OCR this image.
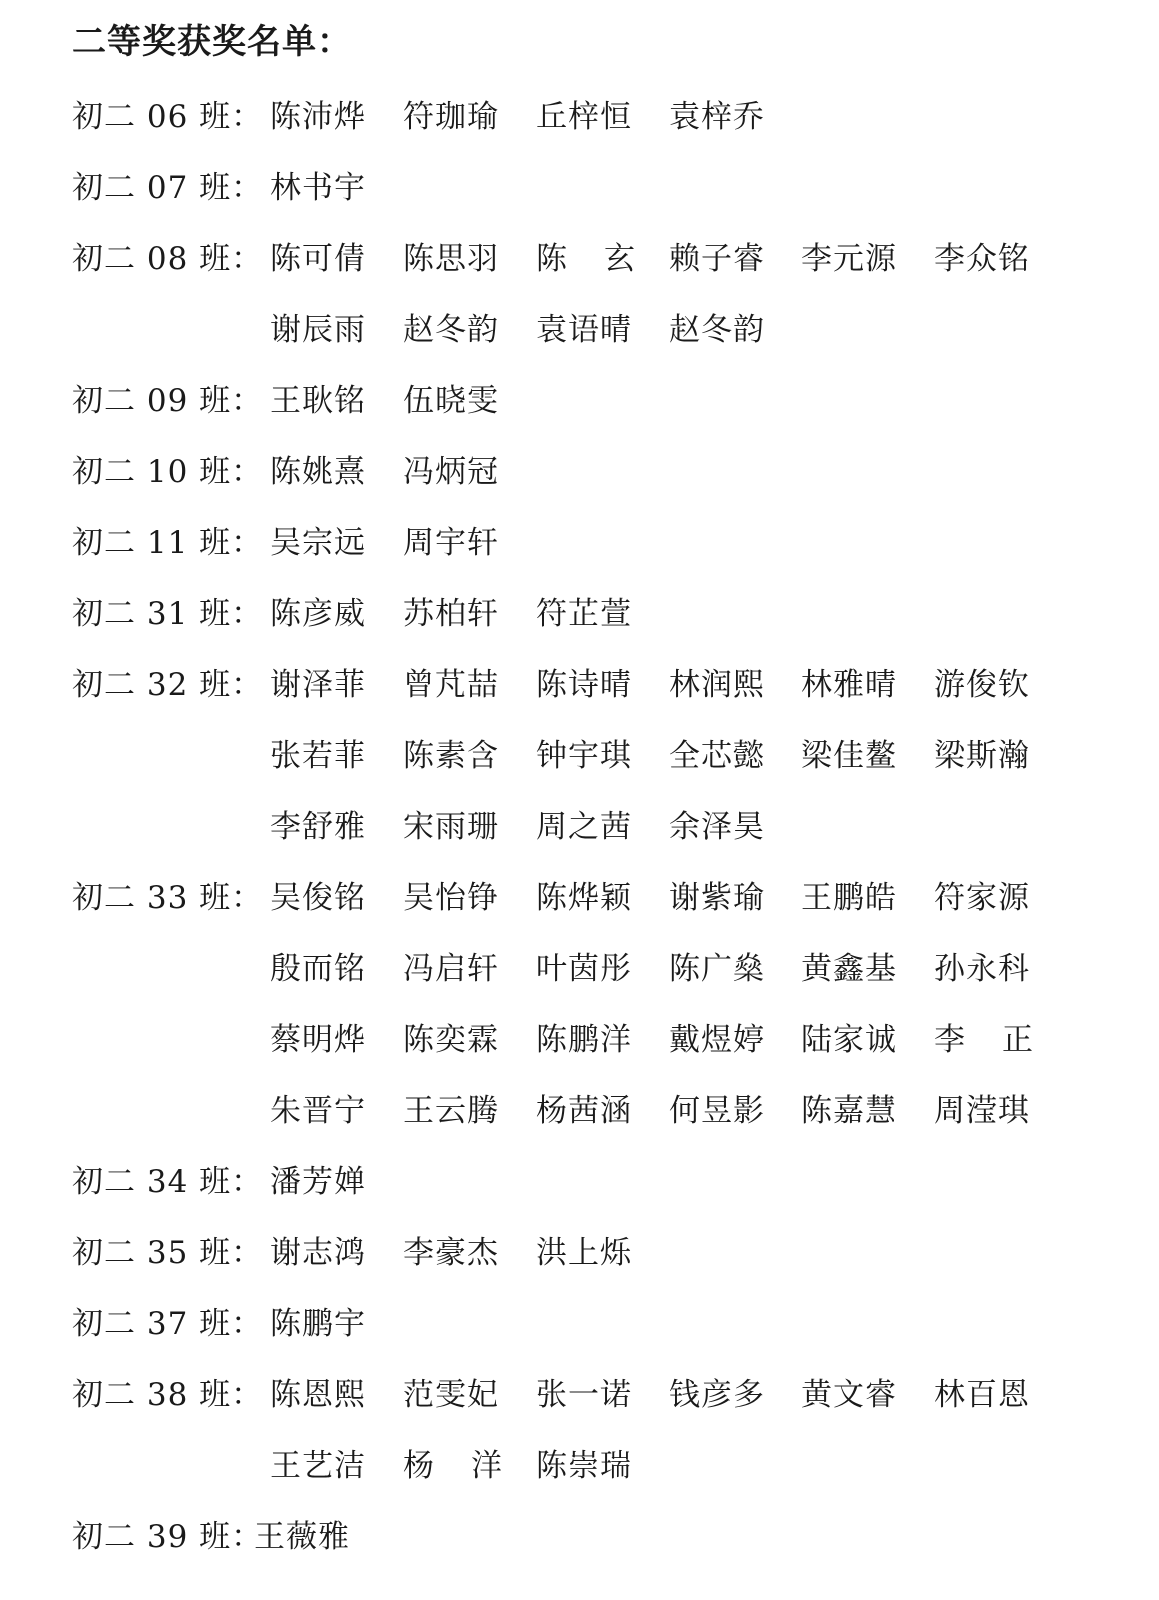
二等奖获奖名单：
初二 06 班： 陈沛烨 符珈瑜 丘梓恒 袁梓乔
初二 07 班： 林书宇
初二 08 班： 陈可倩 陈思羽 陈　玄 赖子睿 李元源 李众铭
谢辰雨 赵冬韵 袁语晴 赵冬韵
初二 09 班： 王耿铭 伍晓雯
初二 10 班： 陈姚熹 冯炳冠
初二 11 班： 吴宗远 周宇轩
初二 31 班： 陈彦威 苏柏轩 符芷萱
初二 32 班： 谢泽菲 曾芃喆 陈诗晴 林润熙 林雅晴 游俊钦
张若菲 陈素含 钟宇琪 全芯懿 梁佳鳌 梁斯瀚
李舒雅 宋雨珊 周之茜 余泽昊
初二 33 班： 吴俊铭 吴怡铮 陈烨颖 谢紫瑜 王鹏皓 符家源
殷而铭 冯启轩 叶茵彤 陈广燊 黄鑫基 孙永科
蔡明烨 陈奕霖 陈鹏洋 戴煜婷 陆家诚 李　正
朱晋宁 王云腾 杨茜涵 何昱影 陈嘉慧 周滢琪
初二 34 班： 潘芳婵
初二 35 班： 谢志鸿 李豪杰 洪上烁
初二 37 班： 陈鹏宇
初二 38 班： 陈恩熙 范雯妃 张一诺 钱彦多 黄文睿 林百恩
王艺洁 杨　洋 陈崇瑞
初二 39 班：
王薇雅
